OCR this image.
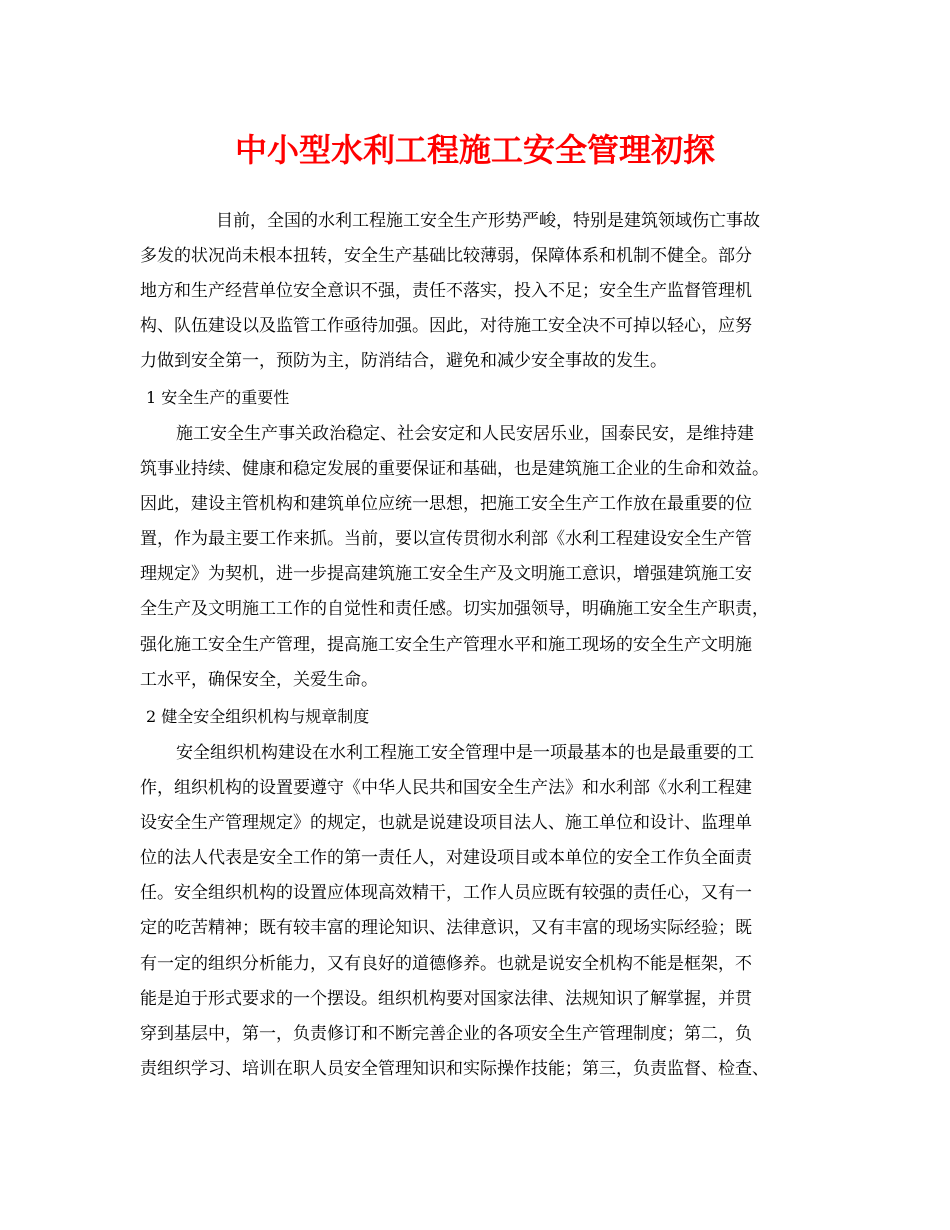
中小型水利工程施工安全管理初探
目前，全国的水利工程施工安全生产形势严峻，特别是建筑领域伤亡事故
多发的状况尚未根本扭转，安全生产基础比较薄弱，保障体系和机制不健全。部分
地方和生产经营单位安全意识不强，责任不落实，投入不足；安全生产监督管理机
构、队伍建设以及监管工作亟待加强。因此，对待施工安全决不可掉以轻心，应努
力做到安全第一，预防为主，防消结合，避免和减少安全事故的发生。
1 安全生产的重要性
施工安全生产事关政治稳定、社会安定和人民安居乐业，国泰民安，是维持建
筑事业持续、健康和稳定发展的重要保证和基础，也是建筑施工企业的生命和效益。
因此，建设主管机构和建筑单位应统一思想，把施工安全生产工作放在最重要的位
置，作为最主要工作来抓。当前，要以宣传贯彻水利部《水利工程建设安全生产管
理规定》为契机，进一步提高建筑施工安全生产及文明施工意识，增强建筑施工安
全生产及文明施工工作的自觉性和责任感。切实加强领导，明确施工安全生产职责，
强化施工安全生产管理，提高施工安全生产管理水平和施工现场的安全生产文明施
工水平，确保安全，关爱生命。
2 健全安全组织机构与规章制度
安全组织机构建设在水利工程施工安全管理中是一项最基本的也是最重要的工
作，组织机构的设置要遵守《中华人民共和国安全生产法》和水利部《水利工程建
设安全生产管理规定》的规定，也就是说建设项目法人、施工单位和设计、监理单
位的法人代表是安全工作的第一责任人，对建设项目或本单位的安全工作负全面责
任。安全组织机构的设置应体现高效精干，工作人员应既有较强的责任心，又有一
定的吃苦精神；既有较丰富的理论知识、法律意识，又有丰富的现场实际经验；既
有一定的组织分析能力，又有良好的道德修养。也就是说安全机构不能是框架，不
能是迫于形式要求的一个摆设。组织机构要对国家法律、法规知识了解掌握，并贯
穿到基层中，第一，负责修订和不断完善企业的各项安全生产管理制度；第二，负
责组织学习、培训在职人员安全管理知识和实际操作技能；第三，负责监督、检查、
